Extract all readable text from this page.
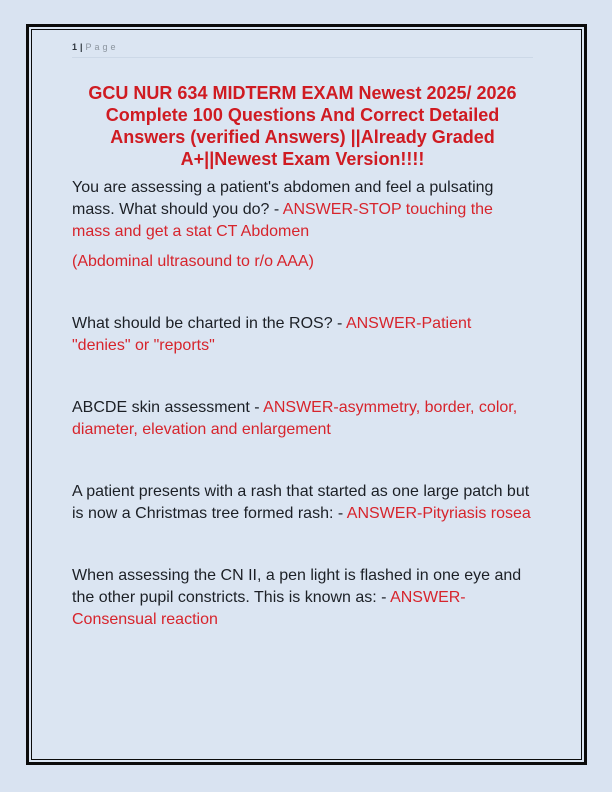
1 | Page
GCU NUR 634 MIDTERM EXAM Newest 2025/ 2026 Complete 100 Questions And Correct Detailed Answers (verified Answers) ||Already Graded A+||Newest Exam Version!!!!

You are assessing a patient's abdomen and feel a pulsating mass. What should you do? - ANSWER-STOP touching the mass and get a stat CT Abdomen

(Abdominal ultrasound to r/o AAA)

What should be charted in the ROS? - ANSWER-Patient "denies" or "reports"

ABCDE skin assessment - ANSWER-asymmetry, border, color, diameter, elevation and enlargement

A patient presents with a rash that started as one large patch but is now a Christmas tree formed rash: - ANSWER-Pityriasis rosea

When assessing the CN II, a pen light is flashed in one eye and the other pupil constricts. This is known as: - ANSWER-Consensual reaction
